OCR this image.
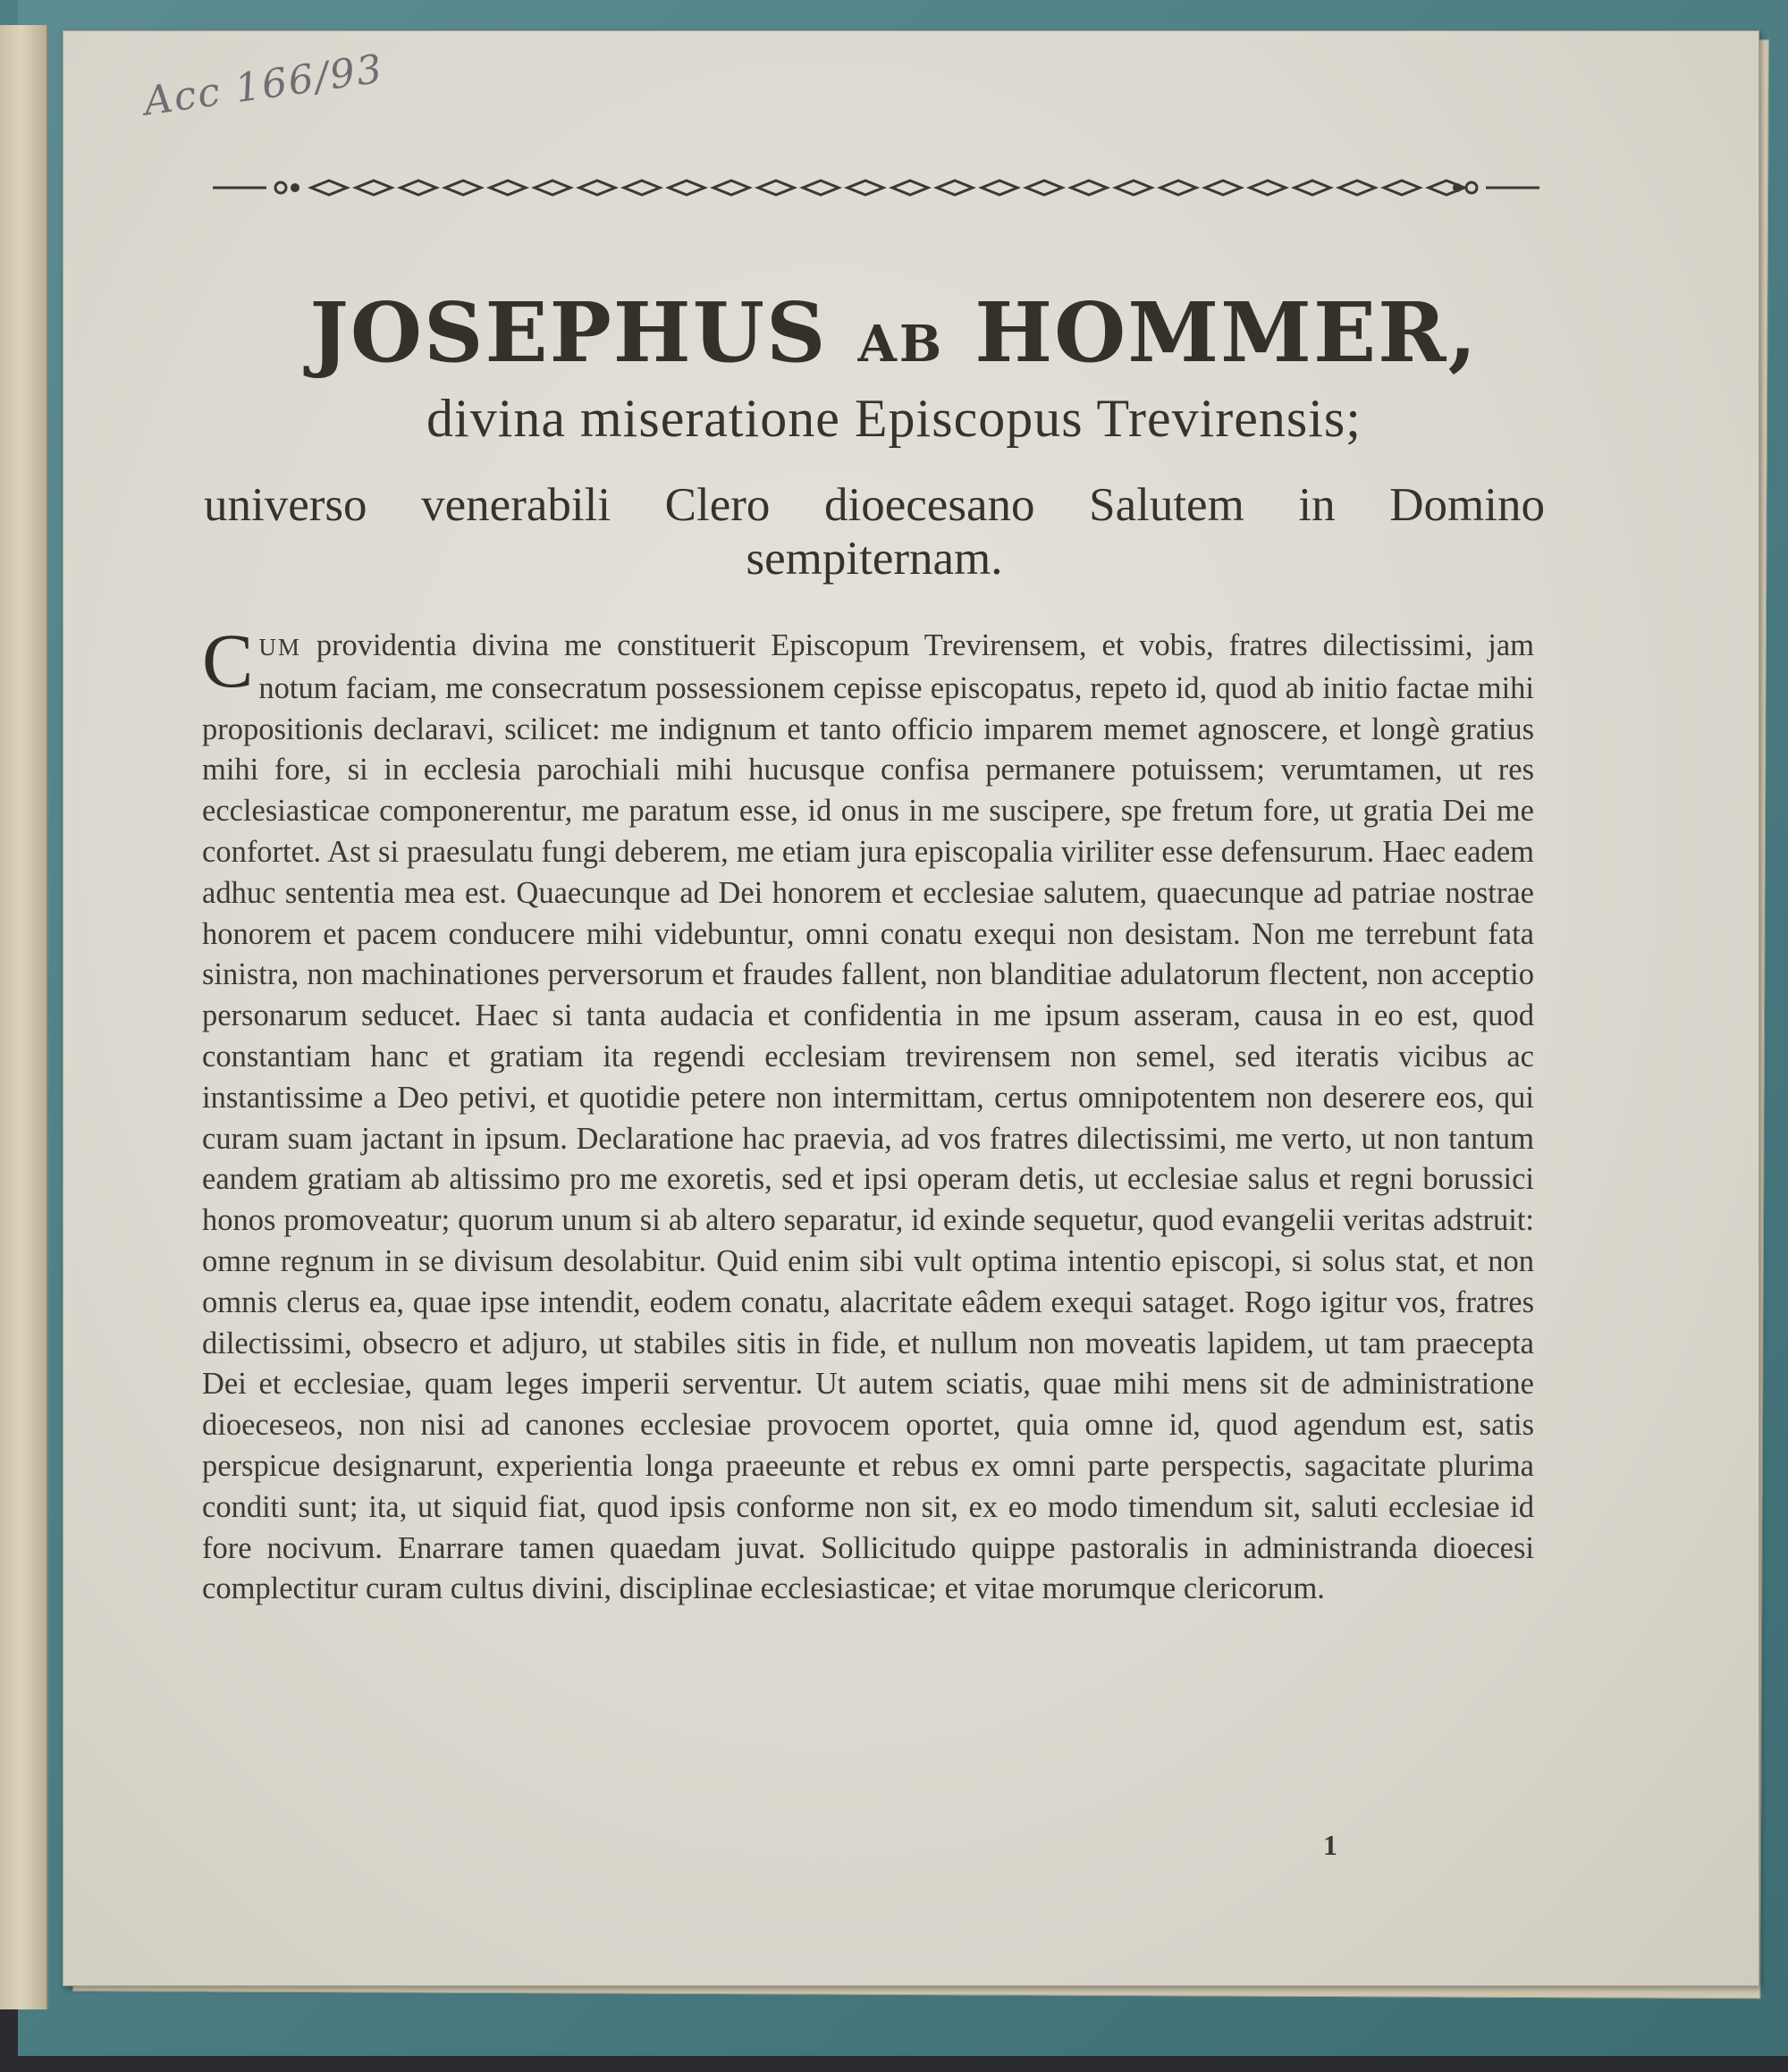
Acc 166/93
JOSEPHUS AB HOMMER,
divina miseratione Episcopus Trevirensis;
universo venerabili Clero dioecesano Salutem in Domino sempiternam.
CUM providentia divina me constituerit Episcopum Trevirensem, et vobis, fratres dilectissimi, jam notum faciam, me consecratum possessionem cepisse episcopatus, repeto id, quod ab initio factae mihi propositionis declaravi, scilicet: me indignum et tanto officio imparem memet agnoscere, et longè gratius mihi fore, si in ecclesia parochiali mihi hucusque confisa permanere potuissem; verumtamen, ut res ecclesiasticae componerentur, me paratum esse, id onus in me suscipere, spe fretum fore, ut gratia Dei me confortet. Ast si praesulatu fungi deberem, me etiam jura episcopalia viriliter esse defensurum. Haec eadem adhuc sententia mea est. Quaecunque ad Dei honorem et ecclesiae salutem, quaecunque ad patriae nostrae honorem et pacem conducere mihi videbuntur, omni conatu exequi non desistam. Non me terrebunt fata sinistra, non machinationes perversorum et fraudes fallent, non blanditiae adulatorum flectent, non acceptio personarum seducet. Haec si tanta audacia et confidentia in me ipsum asseram, causa in eo est, quod constantiam hanc et gratiam ita regendi ecclesiam trevirensem non semel, sed iteratis vicibus ac instantissime a Deo petivi, et quotidie petere non intermittam, certus omnipotentem non deserere eos, qui curam suam jactant in ipsum. Declaratione hac praevia, ad vos fratres dilectissimi, me verto, ut non tantum eandem gratiam ab altissimo pro me exoretis, sed et ipsi operam detis, ut ecclesiae salus et regni borussici honos promoveatur; quorum unum si ab altero separatur, id exinde sequetur, quod evangelii veritas adstruit: omne regnum in se divisum desolabitur. Quid enim sibi vult optima intentio episcopi, si solus stat, et non omnis clerus ea, quae ipse intendit, eodem conatu, alacritate eâdem exequi sataget. Rogo igitur vos, fratres dilectissimi, obsecro et adjuro, ut stabiles sitis in fide, et nullum non moveatis lapidem, ut tam praecepta Dei et ecclesiae, quam leges imperii serventur. Ut autem sciatis, quae mihi mens sit de administratione dioeceseos, non nisi ad canones ecclesiae provocem oportet, quia omne id, quod agendum est, satis perspicue designarunt, experientia longa praeeunte et rebus ex omni parte perspectis, sagacitate plurima conditi sunt; ita, ut siquid fiat, quod ipsis conforme non sit, ex eo modo timendum sit, saluti ecclesiae id fore nocivum. Enarrare tamen quaedam juvat. Sollicitudo quippe pastoralis in administranda dioecesi complectitur curam cultus divini, disciplinae ecclesiasticae; et vitae morumque clericorum.
1
